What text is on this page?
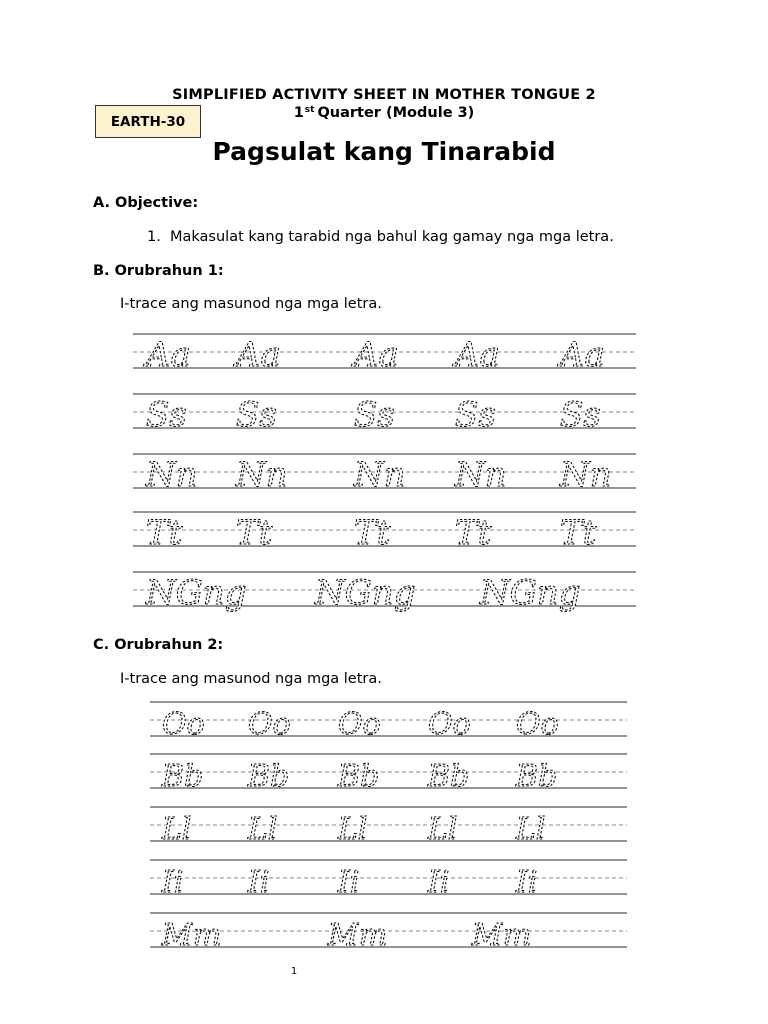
SIMPLIFIED ACTIVITY SHEET IN MOTHER TONGUE 2
1st Quarter (Module 3)
EARTH-30
Pagsulat kang Tinarabid
A. Objective:
1. Makasulat kang tarabid nga bahul kag gamay nga mga letra.
B. Orubrahun 1:
I-trace ang masunod nga mga letra.
C. Orubrahun 2:
I-trace ang masunod nga mga letra.
Aa Aa Aa Aa Aa
Ss Ss Ss Ss Ss
Nn Nn Nn Nn Nn
Tt Tt Tt Tt Tt
NGng NGng NGng
Oo Oo Oo Oo Oo
Bb Bb Bb Bb Bb
Ll Ll Ll Ll Ll
Ii Ii Ii Ii Ii
Mm	Mm	Mm
1
